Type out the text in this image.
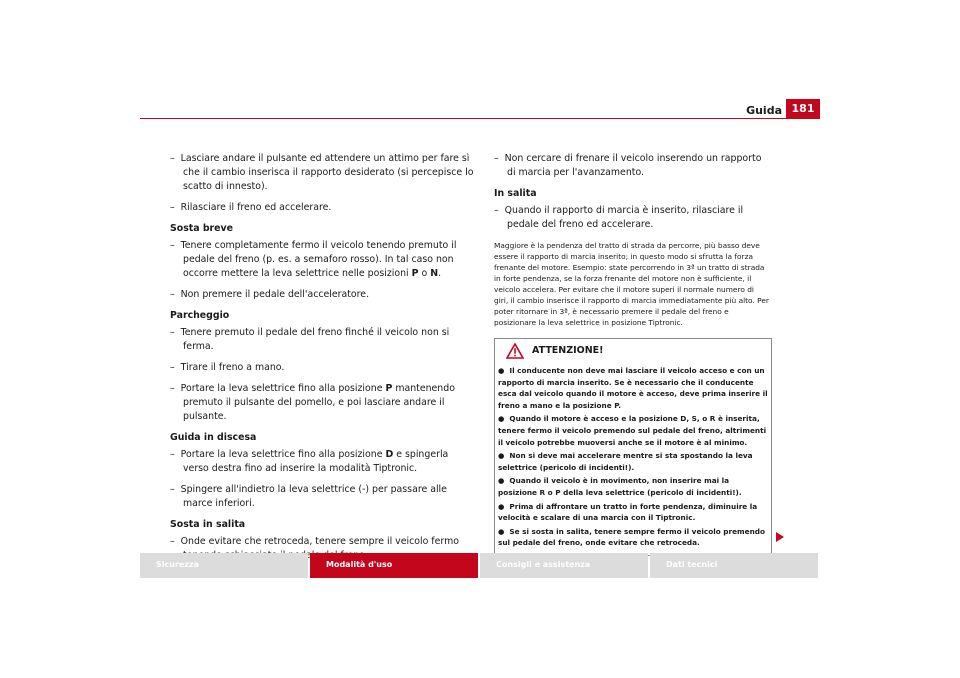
Guida 181
–  Lasciare andare il pulsante ed attendere un attimo per fare sì che il cambio inserisca il rapporto desiderato (si percepisce lo scatto di innesto).
–  Rilasciare il freno ed accelerare.
Sosta breve
–  Tenere completamente fermo il veicolo tenendo premuto il pedale del freno (p. es. a semaforo rosso). In tal caso non occorre mettere la leva selettrice nelle posizioni P o N.
–  Non premere il pedale dell'acceleratore.
Parcheggio
–  Tenere premuto il pedale del freno finché il veicolo non si ferma.
–  Tirare il freno a mano.
–  Portare la leva selettrice fino alla posizione P mantenendo premuto il pulsante del pomello, e poi lasciare andare il pulsante.
Guida in discesa
–  Portare la leva selettrice fino alla posizione D e spingerla verso destra fino ad inserire la modalità Tiptronic.
–  Spingere all'indietro la leva selettrice (-) per passare alle marce inferiori.
Sosta in salita
–  Onde evitare che retroceda, tenere sempre il veicolo fermo
–  Non cercare di frenare il veicolo inserendo un rapporto di marcia per l'avanzamento.
In salita
–  Quando il rapporto di marcia è inserito, rilasciare il pedale del freno ed accelerare.
Maggiore è la pendenza del tratto di strada da percorre, più basso deve essere il rapporto di marcia inserito; in questo modo si sfrutta la forza frenante del motore. Esempio: state percorrendo in 3ª un tratto di strada in forte pendenza, se la forza frenante del motore non è sufficiente, il veicolo accelera. Per evitare che il motore superi il normale numero di giri, il cambio inserisce il rapporto di marcia immediatamente più alto. Per poter ritornare in 3ª, è necessario premere il pedale del freno e posizionare la leva selettrice in posizione Tiptronic.
ATTENZIONE!
● Il conducente non deve mai lasciare il veicolo acceso e con un rapporto di marcia inserito. Se è necessario che il conducente esca dal veicolo quando il motore è acceso, deve prima inserire il freno a mano e la posizione P.
● Quando il motore è acceso e la posizione D, S, o R è inserita, tenere fermo il veicolo premendo sul pedale del freno, altrimenti il veicolo potrebbe muoversi anche se il motore è al minimo.
● Non si deve mai accelerare mentre si sta spostando la leva selettrice (pericolo di incidenti!).
● Quando il veicolo è in movimento, non inserire mai la posizione R o P della leva selettrice (pericolo di incidenti!).
● Prima di affrontare un tratto in forte pendenza, diminuire la velocità e scalare di una marcia con il Tiptronic.
● Se si sosta in salita, tenere sempre fermo il veicolo premendo sul pedale del freno, onde evitare che retroceda.
Sicurezza	Modalità d'uso	Consigli e assistenza	Dati tecnici
